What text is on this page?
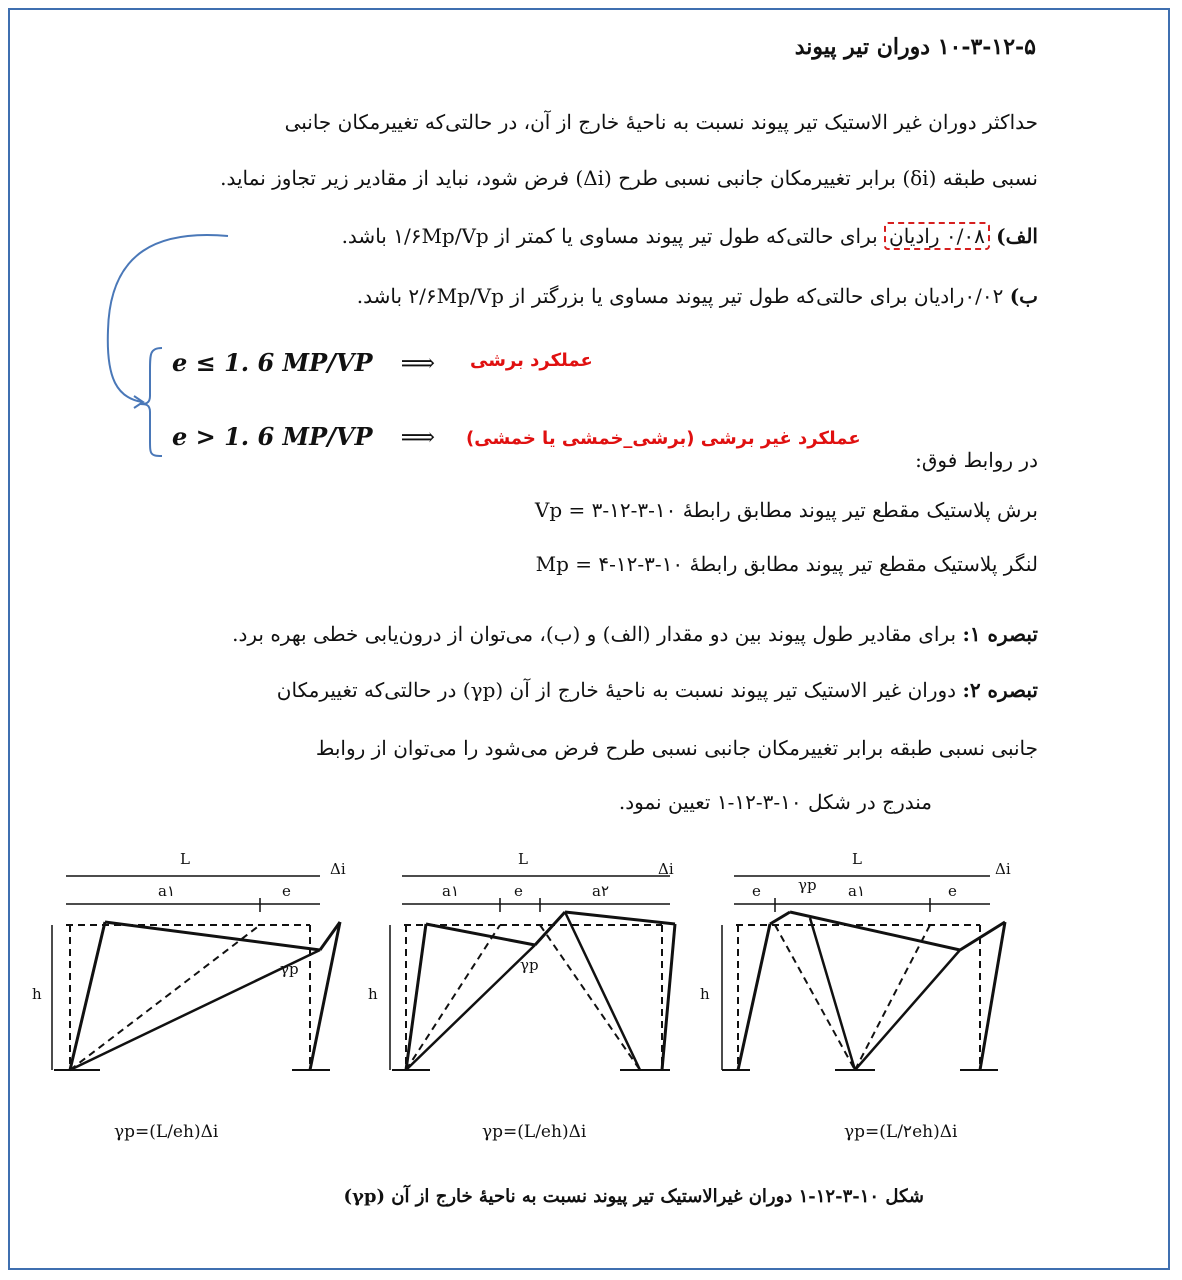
۱۰-۳-۱۲-۵ دوران تیر پیوند
حداکثر دوران غیر الاستیک تیر پیوند نسبت به ناحیهٔ خارج از آن، در حالتی‌که تغییرمکان جانبی
نسبی طبقه (δi) برابر تغییرمکان جانبی نسبی طرح (Δi) فرض شود، نباید از مقادیر زیر تجاوز نماید.
الف) ۰/۰۸ رادیان برای حالتی‌که طول تیر پیوند مساوی یا کمتر از ۱/۶Mp/Vp باشد.
ب) ۰/۰۲رادیان برای حالتی‌که طول تیر پیوند مساوی یا بزرگتر از ۲/۶Mp/Vp باشد.
e ≤ 1. 6 MP/VP ⟹ عملکرد برشی
e > 1. 6 MP/VP ⟹ عملکرد غیر برشی (برشی_خمشی یا خمشی)
در روابط فوق:
Vp = برش پلاستیک مقطع تیر پیوند مطابق رابطهٔ ۱۰-۳-۱۲-۳
Mp = لنگر پلاستیک مقطع تیر پیوند مطابق رابطهٔ ۱۰-۳-۱۲-۴
تبصره ۱: برای مقادیر طول پیوند بین دو مقدار (الف) و (ب)، می‌توان از درون‌یابی خطی بهره برد.
تبصره ۲: دوران غیر الاستیک تیر پیوند نسبت به ناحیهٔ خارج از آن (γp) در حالتی‌که تغییرمکان
جانبی نسبی طبقه برابر تغییرمکان جانبی نسبی طرح فرض می‌شود را می‌توان از روابط
مندرج در شکل ۱۰-۳-۱۲-۱ تعیین نمود.
L
Δi
a۱	e
h
γp
L
Δi
a۱	e	a۲
h
γp
L
Δi
e γp a۱	e
h
γp=(L/eh)Δi	γp=(L/eh)Δi	γp=(L/۲eh)Δi
شکل ۱۰-۳-۱۲-۱ دوران غیرالاستیک تیر پیوند نسبت به ناحیهٔ خارج از آن (γp)
